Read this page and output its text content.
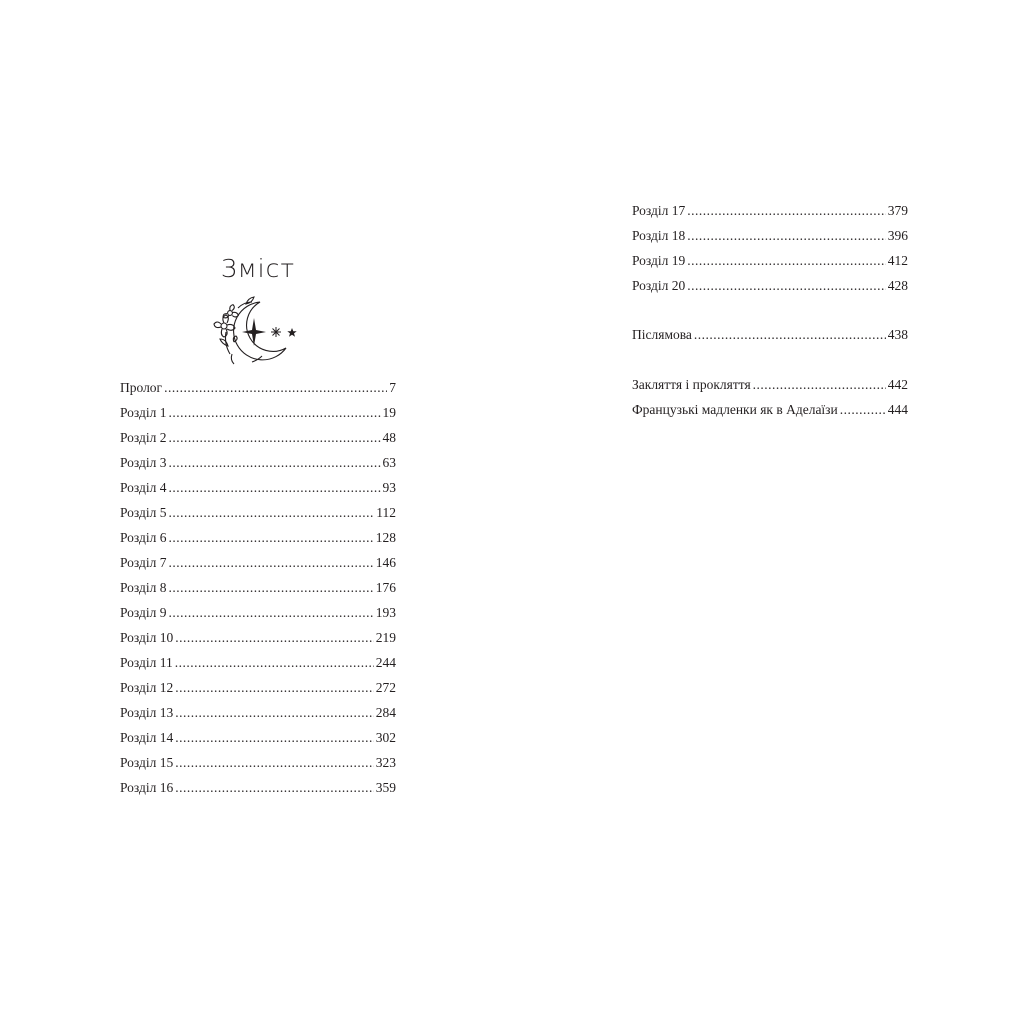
Зміст
Пролог .....	7
Розділ 1 .....	19
Розділ 2 .....	48
Розділ 3 .....	63
Розділ 4 .....	93
Розділ 5 .....	112
Розділ 6 .....	128
Розділ 7 .....	146
Розділ 8 .....	176
Розділ 9 .....	193
Розділ 10 .....	219
Розділ 11 .....	244
Розділ 12 .....	272
Розділ 13 .....	284
Розділ 14 .....	302
Розділ 15 .....	323
Розділ 16 .....	359
Розділ 17 .....	379
Розділ 18 .....	396
Розділ 19 .....	412
Розділ 20 .....	428
Післямова .....	438
Закляття і прокляття .....	442
Французькі мадленки як в Аделаїзи .....	444
